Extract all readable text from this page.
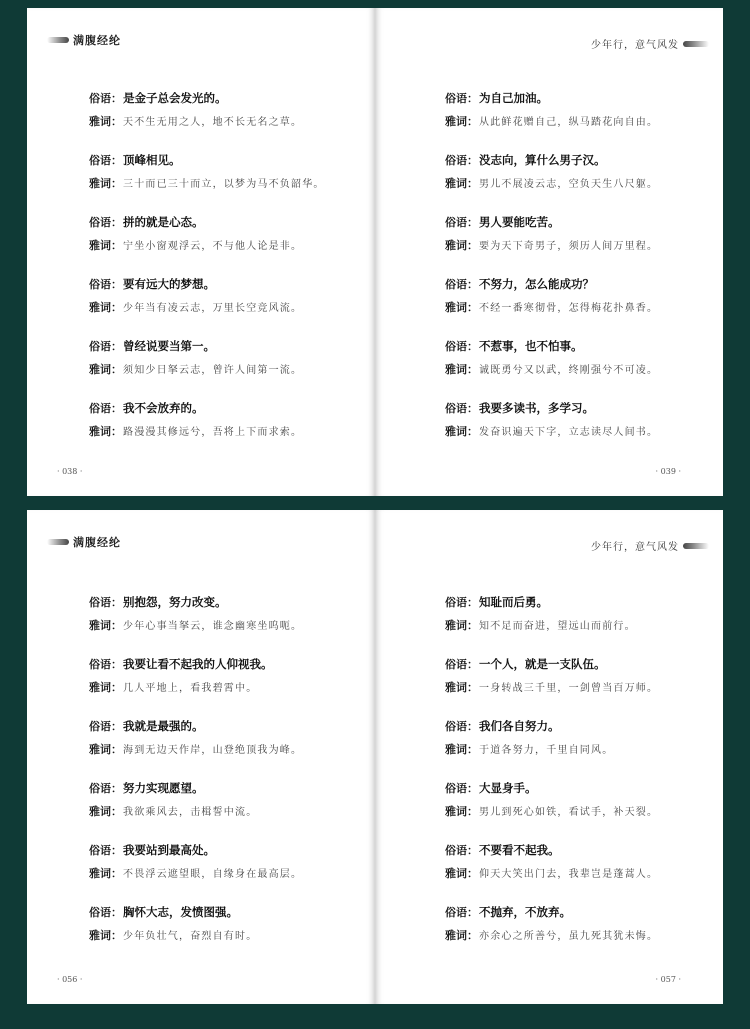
满腹经纶
俗语 ： 是金子总会发光的。
雅词 ： 天不生无用之人，地不长无名之草。
俗语 ： 顶峰相见。
雅词 ： 三十而已三十而立，以梦为马不负韶华。
俗语 ： 拼的就是心态。
雅词 ： 宁坐小窗观浮云，不与他人论是非。
俗语 ： 要有远大的梦想。
雅词 ： 少年当有凌云志，万里长空竞风流。
俗语 ： 曾经说要当第一。
雅词 ： 须知少日拏云志，曾许人间第一流。
俗语 ： 我不会放弃的。
雅词 ： 路漫漫其修远兮，吾将上下而求索。
· 038 ·
少年行，意气风发
俗语 ： 为自己加油。
雅词 ： 从此鲜花赠自己，纵马踏花向自由。
俗语 ： 没志向，算什么男子汉。
雅词 ： 男儿不展凌云志，空负天生八尺躯。
俗语 ： 男人要能吃苦。
雅词 ： 要为天下奇男子，须历人间万里程。
俗语 ： 不努力，怎么能成功？
雅词 ： 不经一番寒彻骨，怎得梅花扑鼻香。
俗语 ： 不惹事，也不怕事。
雅词 ： 诚既勇兮又以武，终刚强兮不可凌。
俗语 ： 我要多读书，多学习。
雅词 ： 发奋识遍天下字，立志读尽人间书。
· 039 ·
满腹经纶
俗语 ： 别抱怨，努力改变。
雅词 ： 少年心事当拏云，谁念幽寒坐呜呃。
俗语 ： 我要让看不起我的人仰视我。
雅词 ： 几人平地上，看我碧霄中。
俗语 ： 我就是最强的。
雅词 ： 海到无边天作岸，山登绝顶我为峰。
俗语 ： 努力实现愿望。
雅词 ： 我欲乘风去，击楫誓中流。
俗语 ： 我要站到最高处。
雅词 ： 不畏浮云遮望眼，自缘身在最高层。
俗语 ： 胸怀大志，发愤图强。
雅词 ： 少年负壮气，奋烈自有时。
· 056 ·
少年行，意气风发
俗语 ： 知耻而后勇。
雅词 ： 知不足而奋进，望远山而前行。
俗语 ： 一个人，就是一支队伍。
雅词 ： 一身转战三千里，一剑曾当百万师。
俗语 ： 我们各自努力。
雅词 ： 于道各努力，千里自同风。
俗语 ： 大显身手。
雅词 ： 男儿到死心如铁，看试手，补天裂。
俗语 ： 不要看不起我。
雅词 ： 仰天大笑出门去，我辈岂是蓬蒿人。
俗语 ： 不抛弃，不放弃。
雅词 ： 亦余心之所善兮，虽九死其犹未悔。
· 057 ·
